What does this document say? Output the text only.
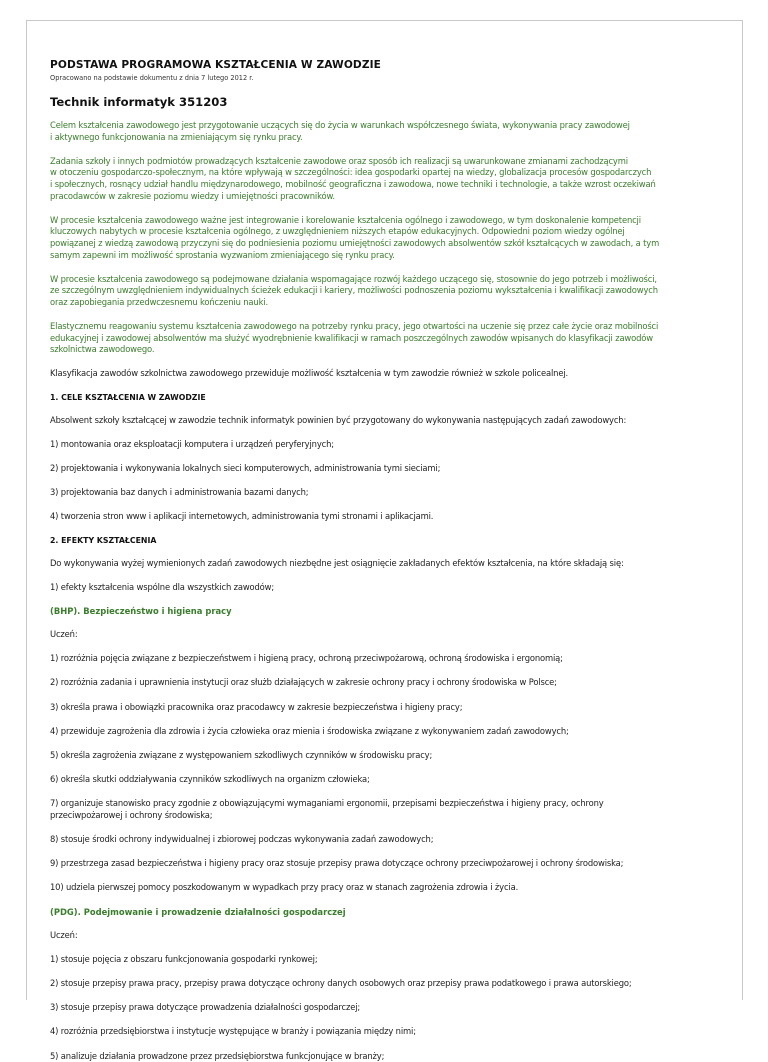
PODSTAWA PROGRAMOWA KSZTAŁCENIA W ZAWODZIE
Opracowano na podstawie dokumentu z dnia 7 lutego 2012 r.
Technik informatyk 351203

Celem kształcenia zawodowego jest przygotowanie uczących się do życia w warunkach współczesnego świata, wykonywania pracy zawodowej
i aktywnego funkcjonowania na zmieniającym się rynku pracy.

Zadania szkoły i innych podmiotów prowadzących kształcenie zawodowe oraz sposób ich realizacji są uwarunkowane zmianami zachodzącymi
w otoczeniu gospodarczo-społecznym, na które wpływają w szczególności: idea gospodarki opartej na wiedzy, globalizacja procesów gospodarczych
i społecznych, rosnący udział handlu międzynarodowego, mobilność geograficzna i zawodowa, nowe techniki i technologie, a także wzrost oczekiwań
pracodawców w zakresie poziomu wiedzy i umiejętności pracowników.

W procesie kształcenia zawodowego ważne jest integrowanie i korelowanie kształcenia ogólnego i zawodowego, w tym doskonalenie kompetencji
kluczowych nabytych w procesie kształcenia ogólnego, z uwzględnieniem niższych etapów edukacyjnych. Odpowiedni poziom wiedzy ogólnej
powiązanej z wiedzą zawodową przyczyni się do podniesienia poziomu umiejętności zawodowych absolwentów szkół kształcących w zawodach, a tym
samym zapewni im możliwość sprostania wyzwaniom zmieniającego się rynku pracy.

W procesie kształcenia zawodowego są podejmowane działania wspomagające rozwój każdego uczącego się, stosownie do jego potrzeb i możliwości,
ze szczególnym uwzględnieniem indywidualnych ścieżek edukacji i kariery, możliwości podnoszenia poziomu wykształcenia i kwalifikacji zawodowych
oraz zapobiegania przedwczesnemu kończeniu nauki.

Elastycznemu reagowaniu systemu kształcenia zawodowego na potrzeby rynku pracy, jego otwartości na uczenie się przez całe życie oraz mobilności
edukacyjnej i zawodowej absolwentów ma służyć wyodrębnienie kwalifikacji w ramach poszczególnych zawodów wpisanych do klasyfikacji zawodów
szkolnictwa zawodowego.

Klasyfikacja zawodów szkolnictwa zawodowego przewiduje możliwość kształcenia w tym zawodzie również w szkole policealnej.

1. CELE KSZTAŁCENIA W ZAWODZIE

Absolwent szkoły kształcącej w zawodzie technik informatyk powinien być przygotowany do wykonywania następujących zadań zawodowych:

1) montowania oraz eksploatacji komputera i urządzeń peryferyjnych;

2) projektowania i wykonywania lokalnych sieci komputerowych, administrowania tymi sieciami;

3) projektowania baz danych i administrowania bazami danych;

4) tworzenia stron www i aplikacji internetowych, administrowania tymi stronami i aplikacjami.

2. EFEKTY KSZTAŁCENIA

Do wykonywania wyżej wymienionych zadań zawodowych niezbędne jest osiągnięcie zakładanych efektów kształcenia, na które składają się:

1) efekty kształcenia wspólne dla wszystkich zawodów;

(BHP). Bezpieczeństwo i higiena pracy

Uczeń:

1) rozróżnia pojęcia związane z bezpieczeństwem i higieną pracy, ochroną przeciwpożarową, ochroną środowiska i ergonomią;

2) rozróżnia zadania i uprawnienia instytucji oraz służb działających w zakresie ochrony pracy i ochrony środowiska w Polsce;

3) określa prawa i obowiązki pracownika oraz pracodawcy w zakresie bezpieczeństwa i higieny pracy;

4) przewiduje zagrożenia dla zdrowia i życia człowieka oraz mienia i środowiska związane z wykonywaniem zadań zawodowych;

5) określa zagrożenia związane z występowaniem szkodliwych czynników w środowisku pracy;

6) określa skutki oddziaływania czynników szkodliwych na organizm człowieka;

7) organizuje stanowisko pracy zgodnie z obowiązującymi wymaganiami ergonomii, przepisami bezpieczeństwa i higieny pracy, ochrony
przeciwpożarowej i ochrony środowiska;

8) stosuje środki ochrony indywidualnej i zbiorowej podczas wykonywania zadań zawodowych;

9) przestrzega zasad bezpieczeństwa i higieny pracy oraz stosuje przepisy prawa dotyczące ochrony przeciwpożarowej i ochrony środowiska;

10) udziela pierwszej pomocy poszkodowanym w wypadkach przy pracy oraz w stanach zagrożenia zdrowia i życia.

(PDG). Podejmowanie i prowadzenie działalności gospodarczej

Uczeń:

1) stosuje pojęcia z obszaru funkcjonowania gospodarki rynkowej;

2) stosuje przepisy prawa pracy, przepisy prawa dotyczące ochrony danych osobowych oraz przepisy prawa podatkowego i prawa autorskiego;

3) stosuje przepisy prawa dotyczące prowadzenia działalności gospodarczej;

4) rozróżnia przedsiębiorstwa i instytucje występujące w branży i powiązania między nimi;

5) analizuje działania prowadzone przez przedsiębiorstwa funkcjonujące w branży;
